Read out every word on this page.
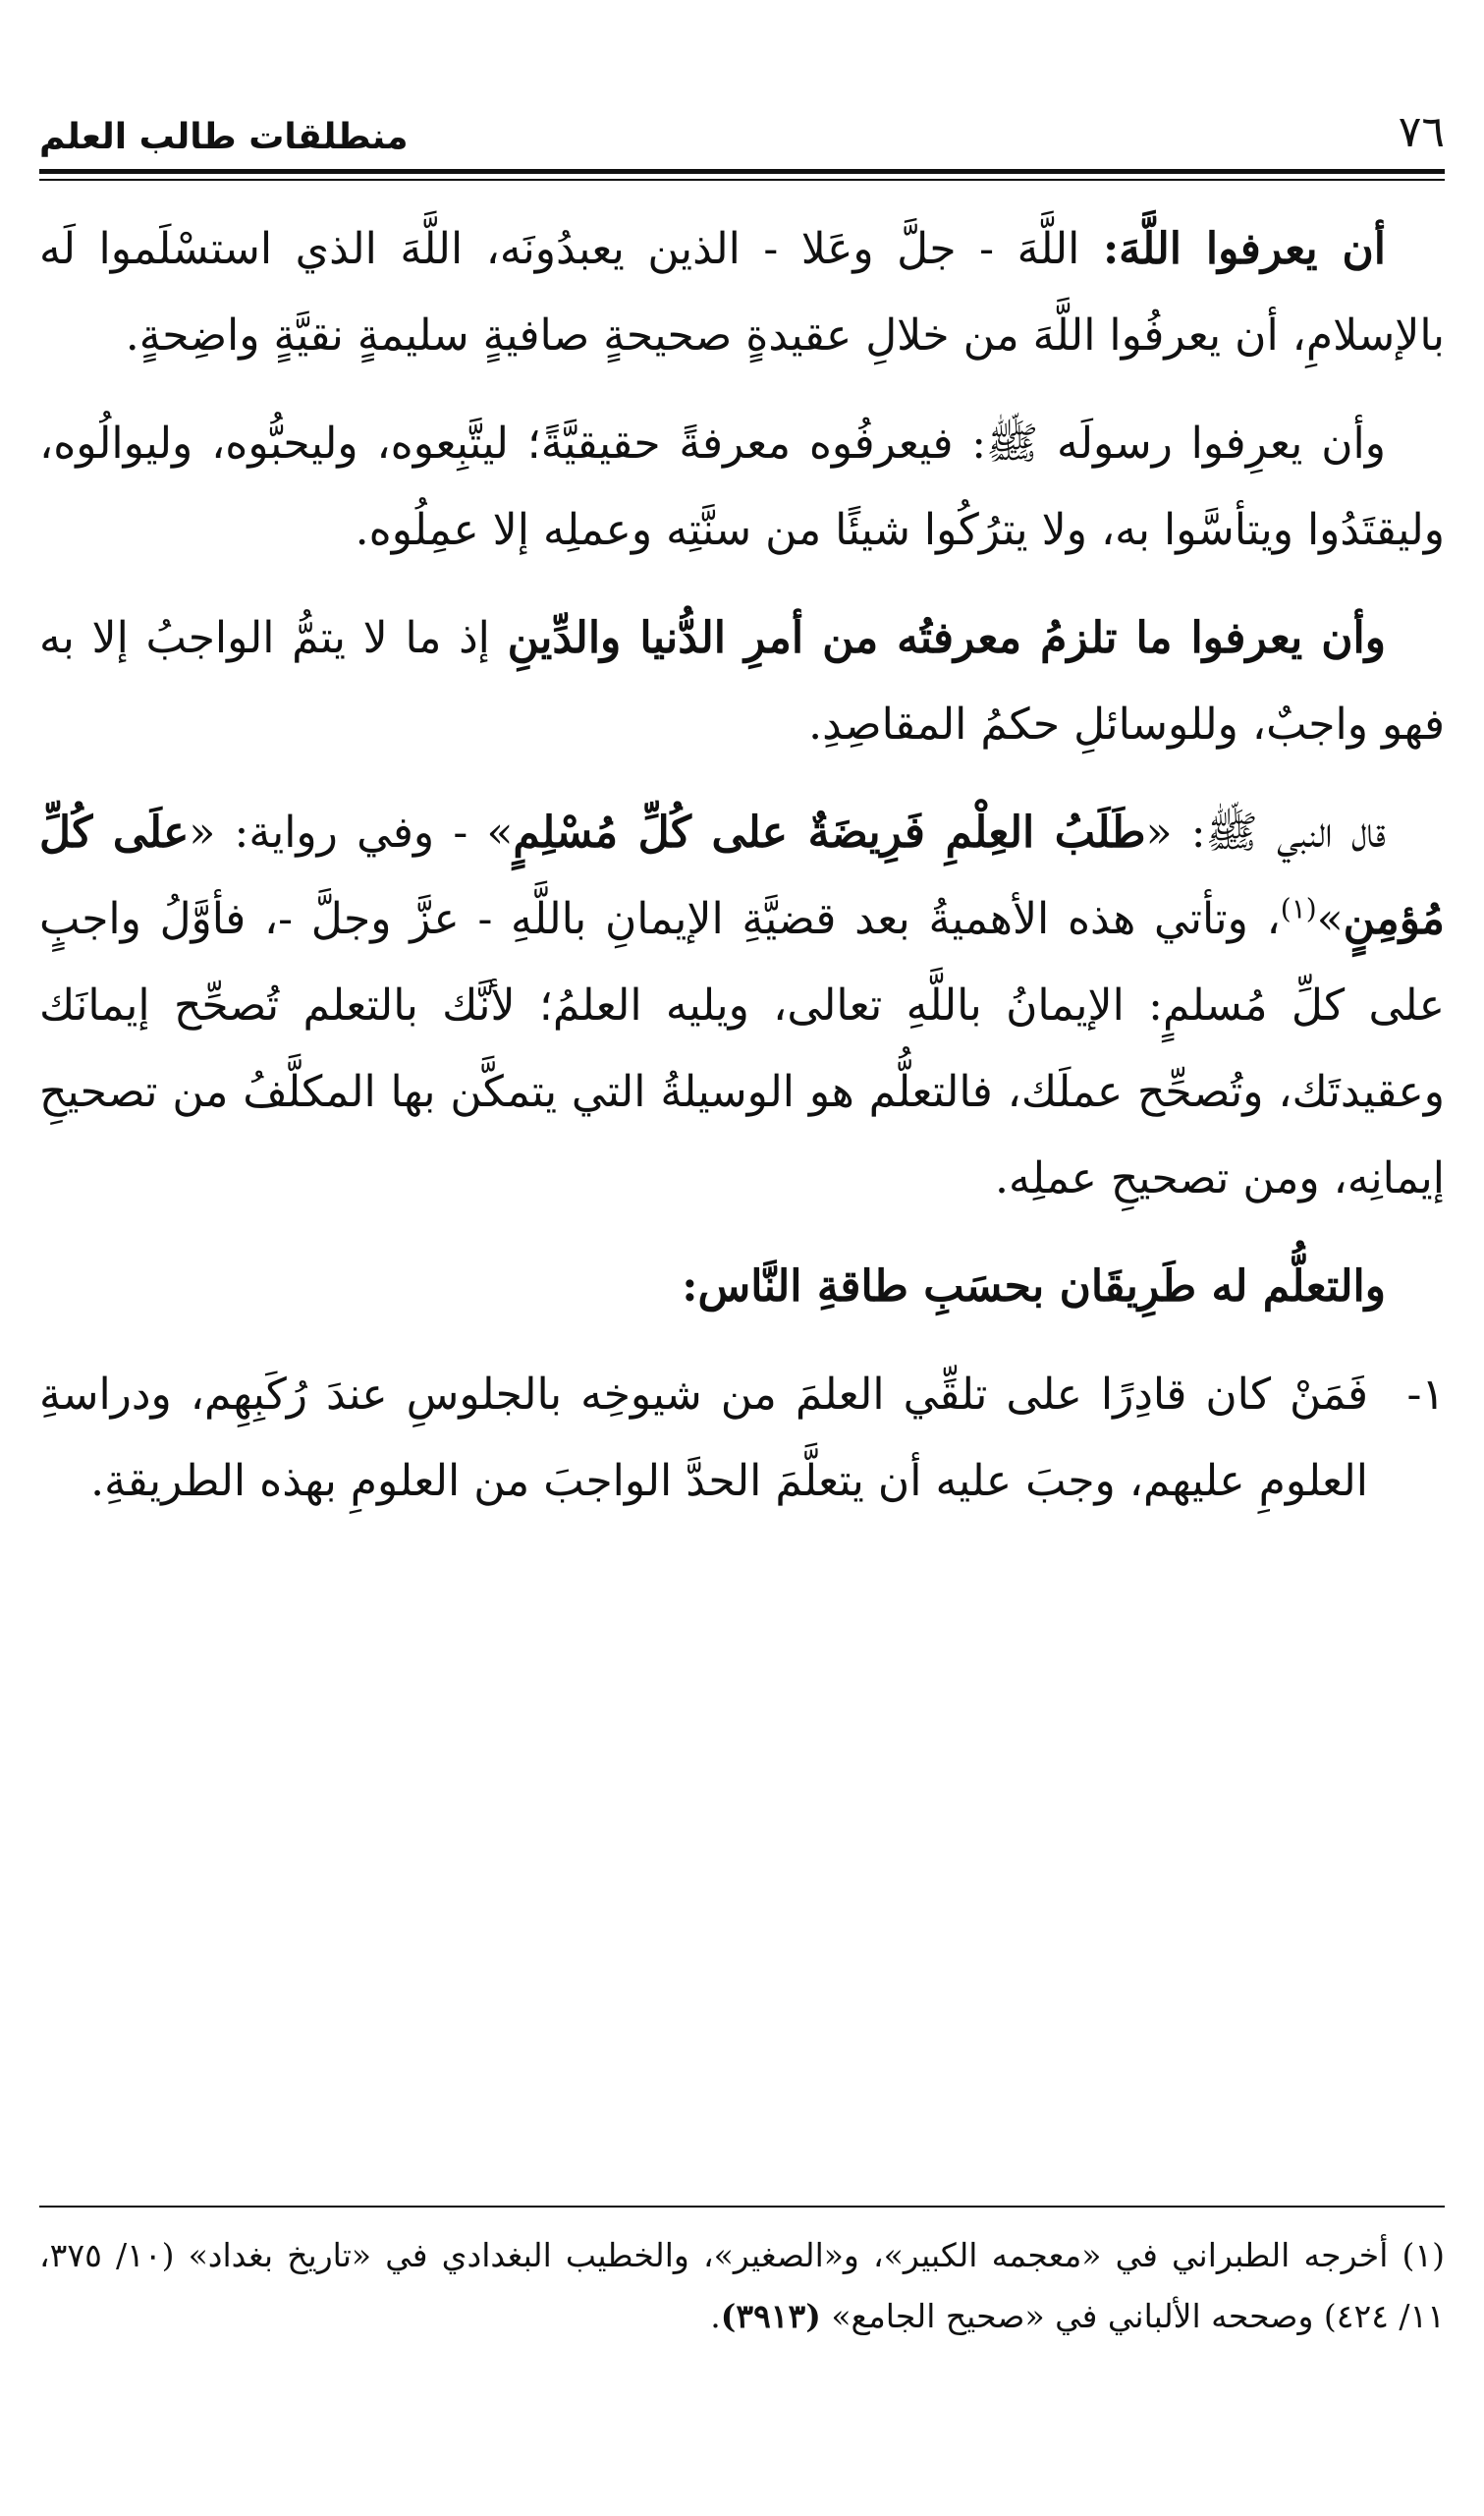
منطلقات طالب العلم	٧٦

أن يعرفوا اللَّهَ: اللَّهَ - جلَّ وعَلا - الذين يعبدُونَه، اللَّهَ الذي استسْلَموا لَه بالإسلامِ، أن يعرفُوا اللَّهَ من خلالِ عقيدةٍ صحيحةٍ صافيةٍ سليمةٍ نقيَّةٍ واضِحةٍ.

وأن يعرِفوا رسولَه ﷺ: فيعرفُوه معرفةً حقيقيَّةً؛ ليتَّبِعوه، وليحبُّوه، وليوالُوه، وليقتَدُوا ويتأسَّوا به، ولا يترُكُوا شيئًا من سنَّتِه وعملِه إلا عمِلُوه.

وأن يعرفوا ما تلزمُ معرفتُه من أمرِ الدُّنيا والدِّينِ إذ ما لا يتمُّ الواجبُ إلا به فهو واجبٌ، وللوسائلِ حكمُ المقاصِدِ.

قال النبي ﷺ: «طَلَبُ العِلْمِ فَرِيضَةٌ على كُلِّ مُسْلِمٍ» - وفي رواية: «علَى كُلِّ مُؤمِنٍ»$^{(١)}$، وتأتي هذه الأهميةُ بعد قضيَّةِ الإيمانِ باللَّهِ - عزَّ وجلَّ -، فأوَّلُ واجبٍ على كلِّ مُسلمٍ: الإيمانُ باللَّهِ تعالى، ويليه العلمُ؛ لأنَّك بالتعلم تُصحِّح إيمانَك وعقيدتَك، وتُصحِّح عملَك، فالتعلُّم هو الوسيلةُ التي يتمكَّن بها المكلَّفُ من تصحيحِ إيمانِه، ومن تصحيحِ عملِه.

والتعلُّم له طَرِيقَان بحسَبِ طاقةِ النَّاس:

١-
فَمَنْ كان قادِرًا على تلقِّي العلمَ من شيوخِه بالجلوسِ عندَ رُكَبِهِم، ودراسةِ العلومِ عليهم، وجبَ عليه أن يتعلَّمَ الحدَّ الواجبَ من العلومِ بهذه الطريقةِ.
(١) أخرجه الطبراني في «معجمه الكبير»، و«الصغير»، والخطيب البغدادي في «تاريخ بغداد» (١٠/ ٣٧٥، ١١/ ٤٢٤) وصححه الألباني في «صحيح الجامع» (٣٩١٣).
